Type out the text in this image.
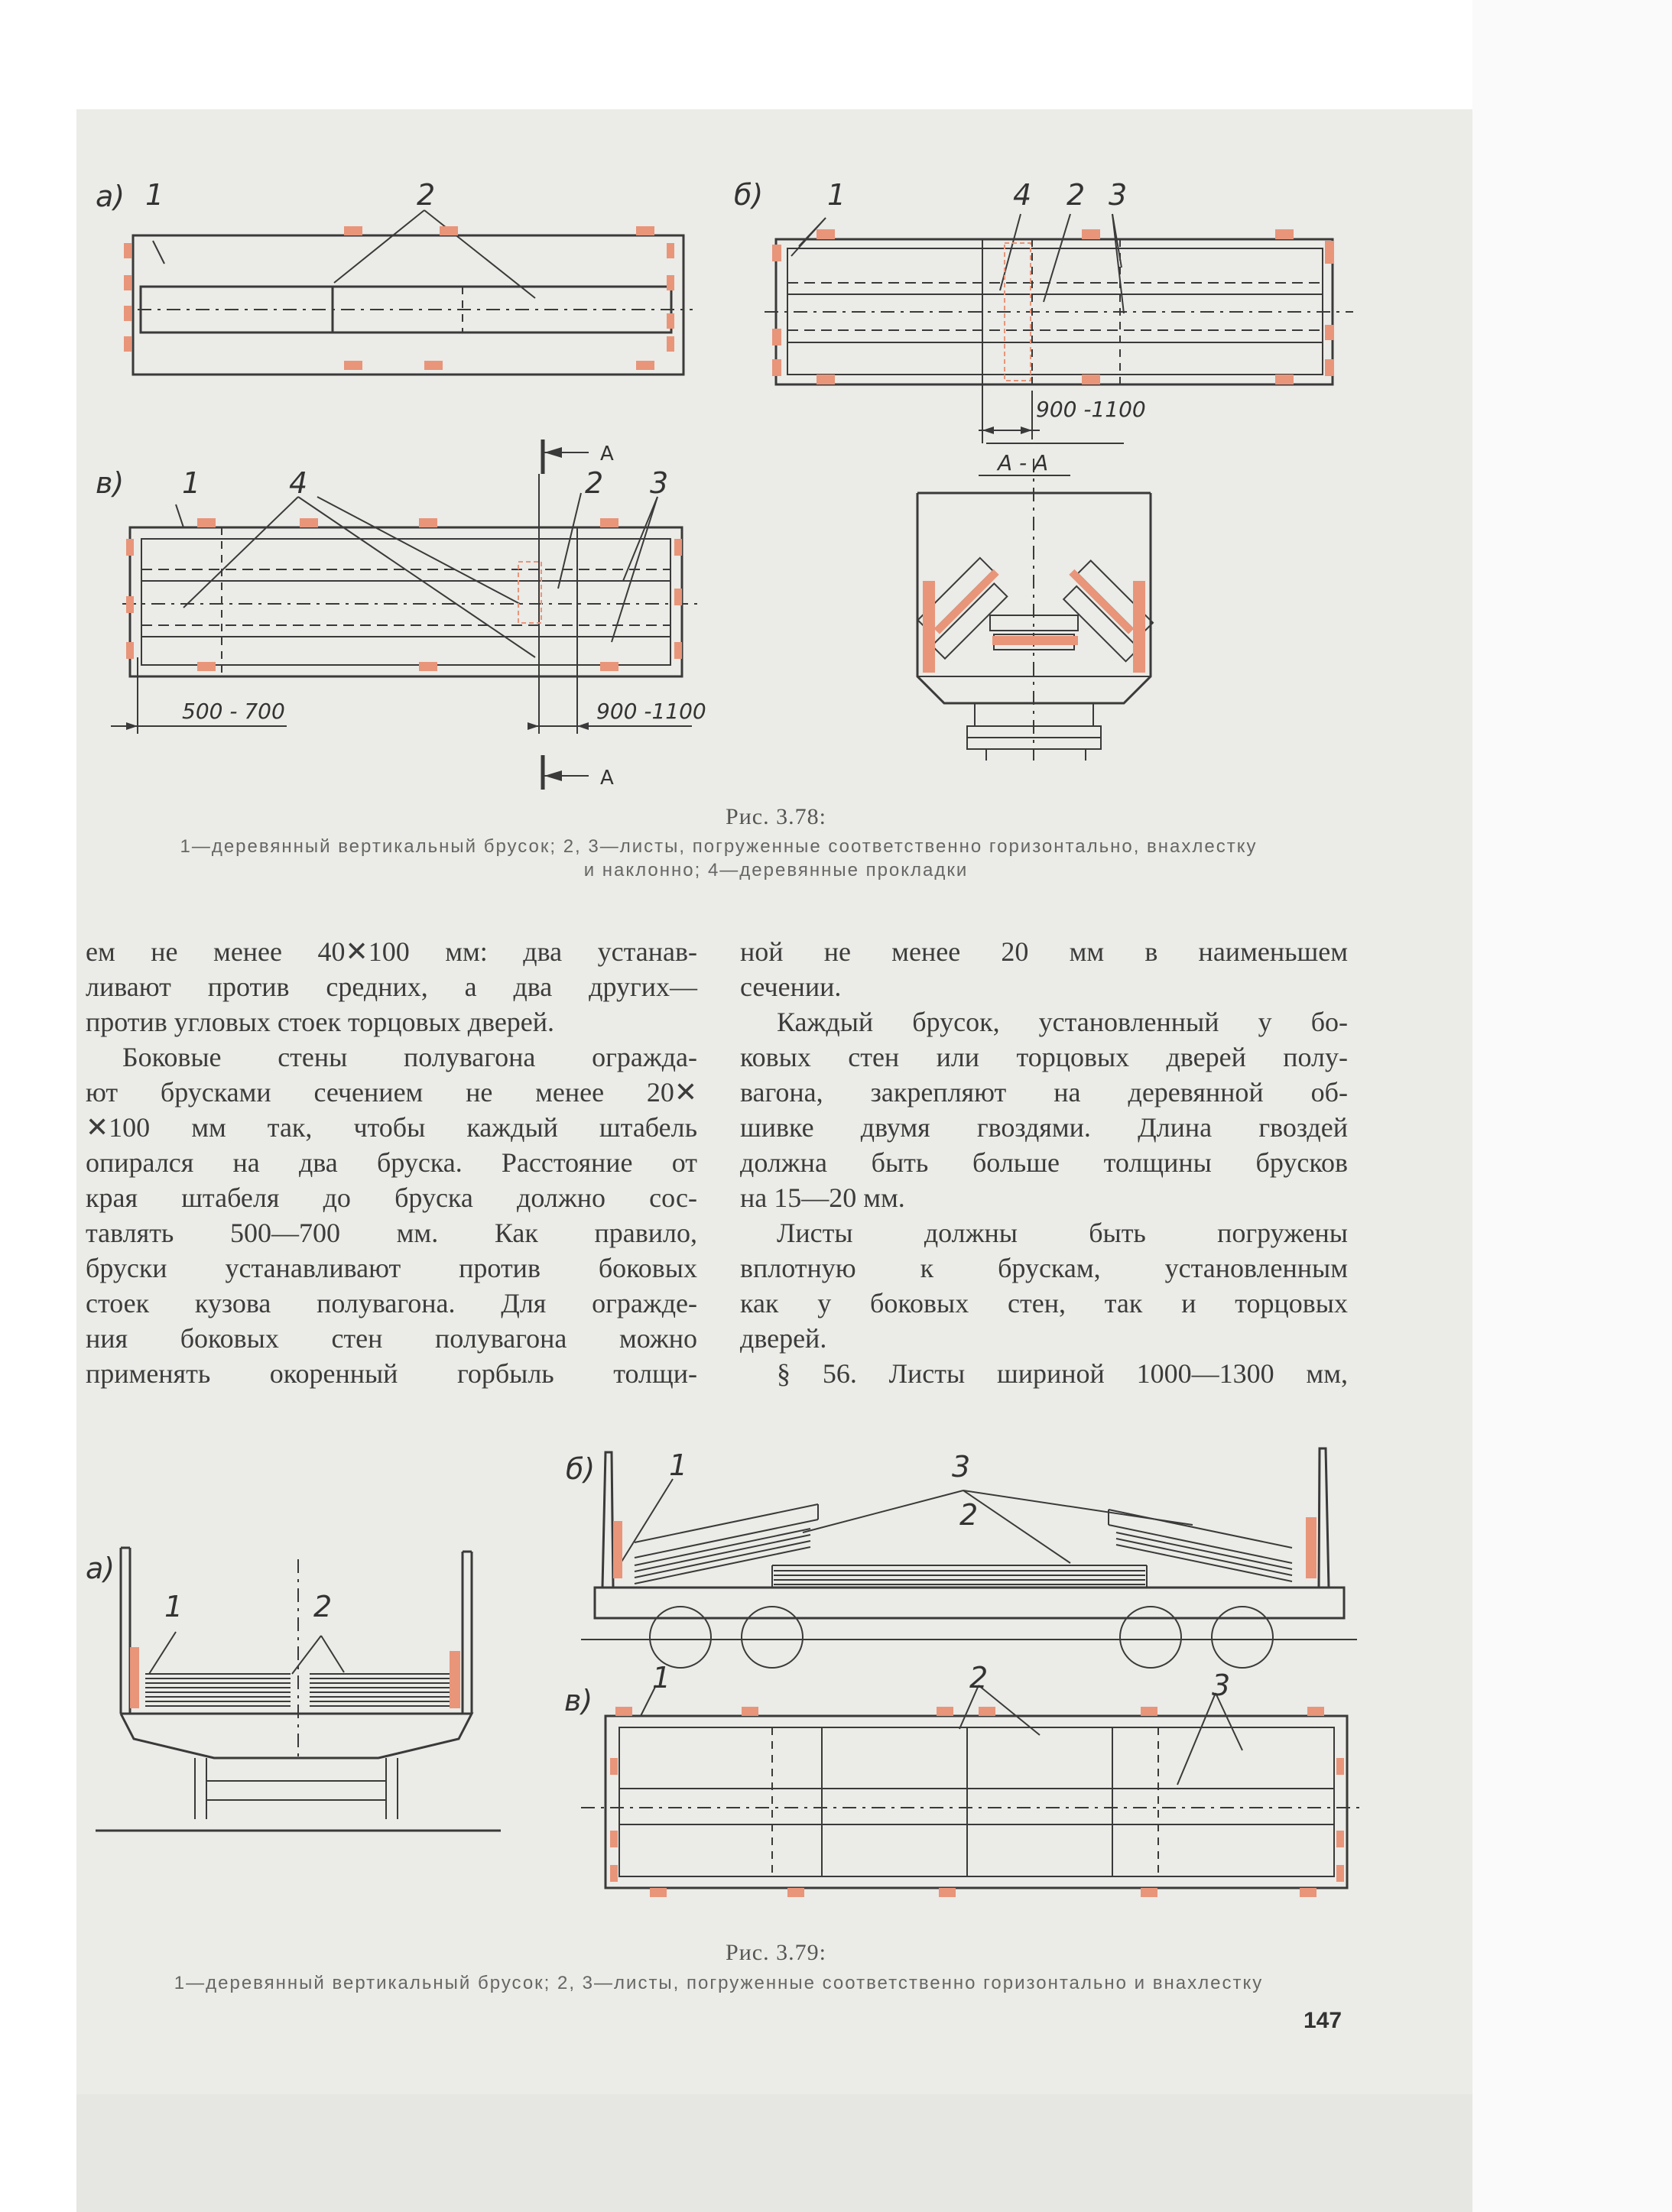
а) 1	2	б) 1	4 2 3
900 -1100
в) 1	4	2 3
500 - 700	900 -1100
А
А
А - А
а)
1	2
б)	1	3
2
в)
1	2	3
Рис. 3.78:
1—деревянный вертикальный брусок; 2, 3—листы, погруженные соответственно горизонтально, внахлестку
и наклонно; 4—деревянные прокладки
ем не менее 40✕100 мм: два устанав-
ливают против средних, а два других—
против угловых стоек торцовых дверей.
Боковые стены полувагона огражда-
ют брусками сечением не менее 20✕
✕100 мм так, чтобы каждый штабель
опирался на два бруска. Расстояние от
края штабеля до бруска должно сос-
тавлять 500—700 мм. Как правило,
бруски устанавливают против боковых
стоек кузова полувагона. Для огражде-
ния боковых стен полувагона можно
применять окоренный горбыль толщи-
ной не менее 20 мм в наименьшем
сечении.
Каждый брусок, установленный у бо-
ковых стен или торцовых дверей полу-
вагона, закрепляют на деревянной об-
шивке двумя гвоздями. Длина гвоздей
должна быть больше толщины брусков
на 15—20 мм.
Листы должны быть погружены
вплотную к брускам, установленным
как у боковых стен, так и торцовых
дверей.
§ 56. Листы шириной 1000—1300 мм,
Рис. 3.79:
1—деревянный вертикальный брусок; 2, 3—листы, погруженные соответственно горизонтально и внахлестку
147
